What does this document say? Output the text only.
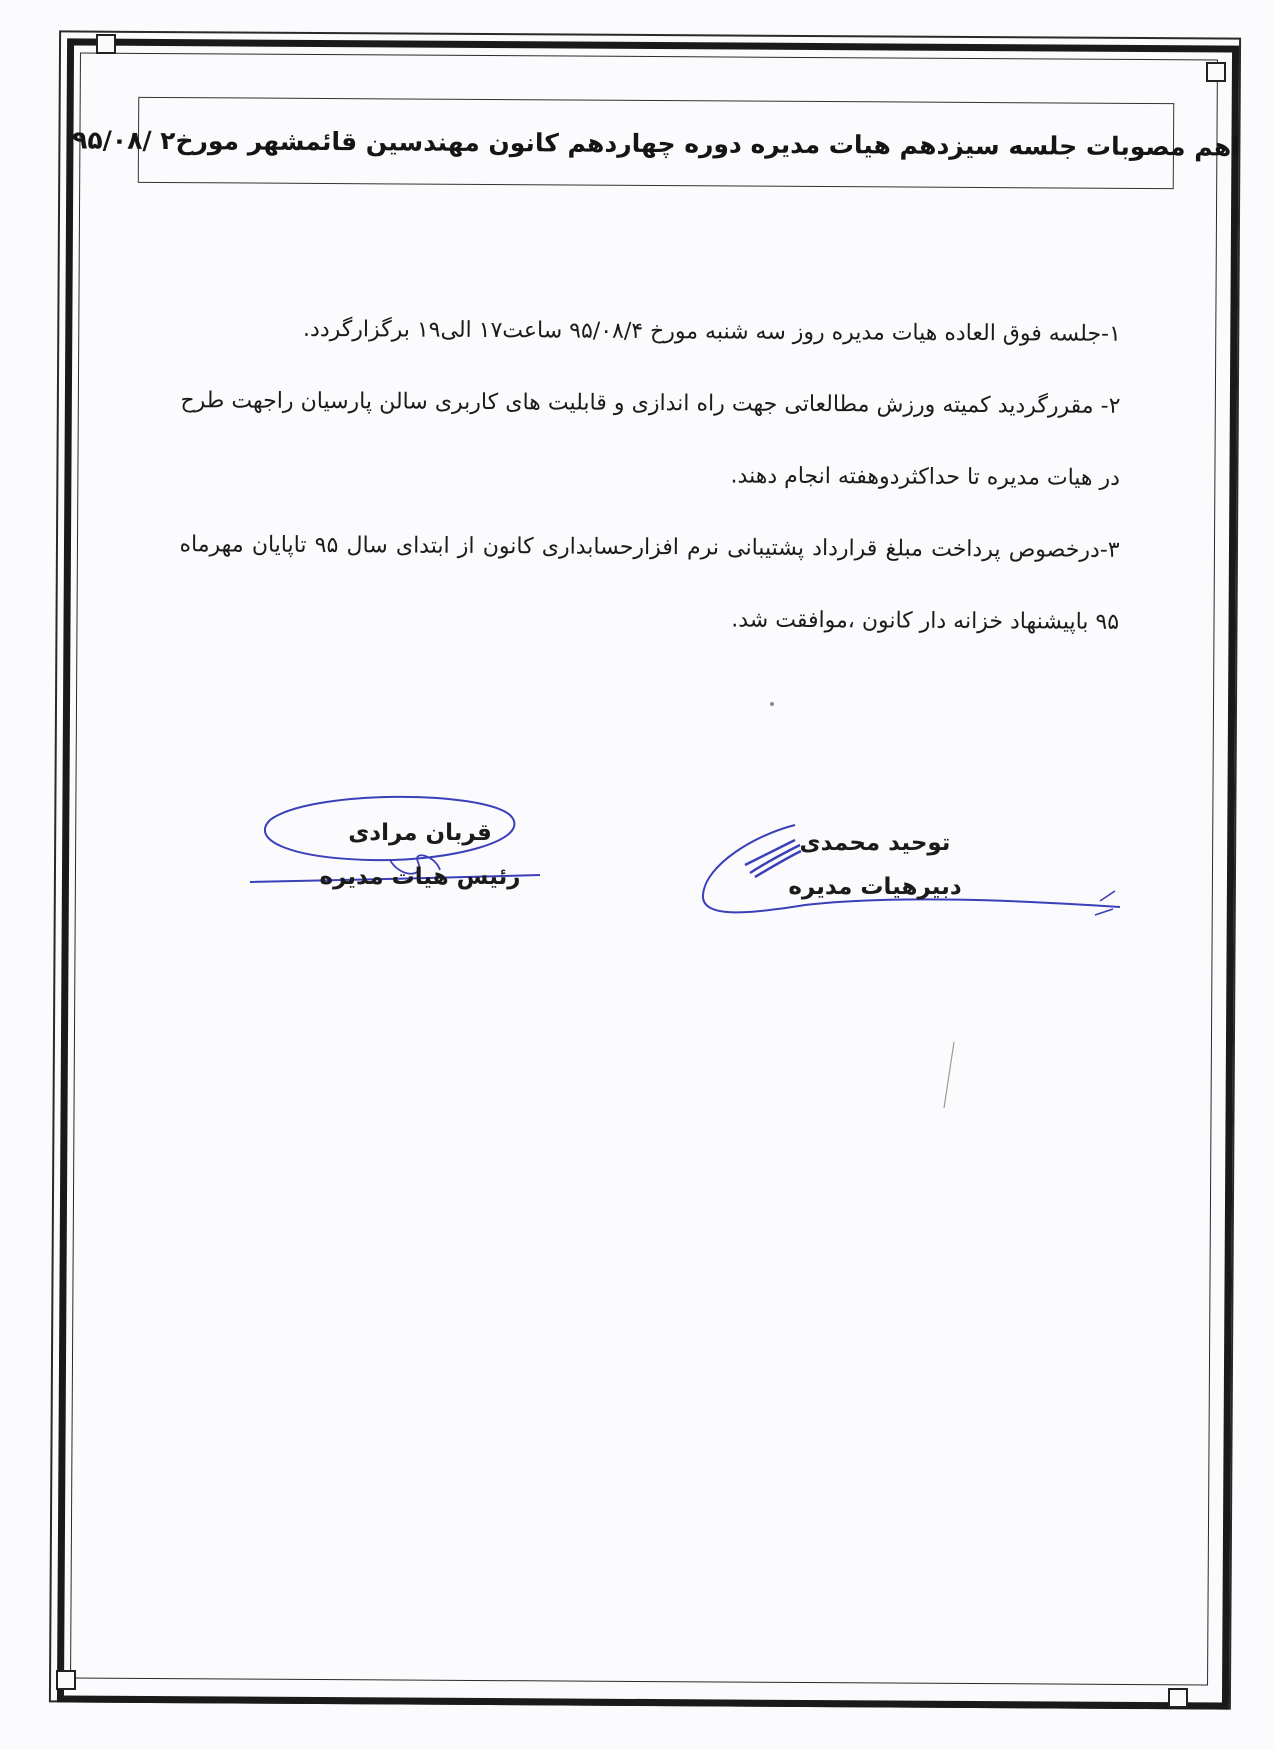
اهم مصوبات جلسه سیزدهم هیات مدیره دوره چهاردهم کانون مهندسین قائمشهر مورخ۲ /۹۵/۰۸

۱-جلسه فوق العاده هیات مدیره روز سه شنبه مورخ ۹۵/۰۸/۴ ساعت۱۷ الی۱۹ برگزارگردد.

۲- مقررگردید کمیته ورزش مطالعاتی جهت راه اندازی و قابلیت های کاربری سالن پارسیان راجهت طرح در هیات مدیره تا حداکثردوهفته انجام دهند.

۳-درخصوص پرداخت مبلغ قرارداد پشتیبانی نرم افزارحسابداری کانون از ابتدای سال ۹۵ تاپایان مهرماه ۹۵ باپیشنهاد خزانه دار کانون ،موافقت شد.

قربان مرادی
رئیس هیات مدیره
توحید محمدی
دبیرهیات مدیره
